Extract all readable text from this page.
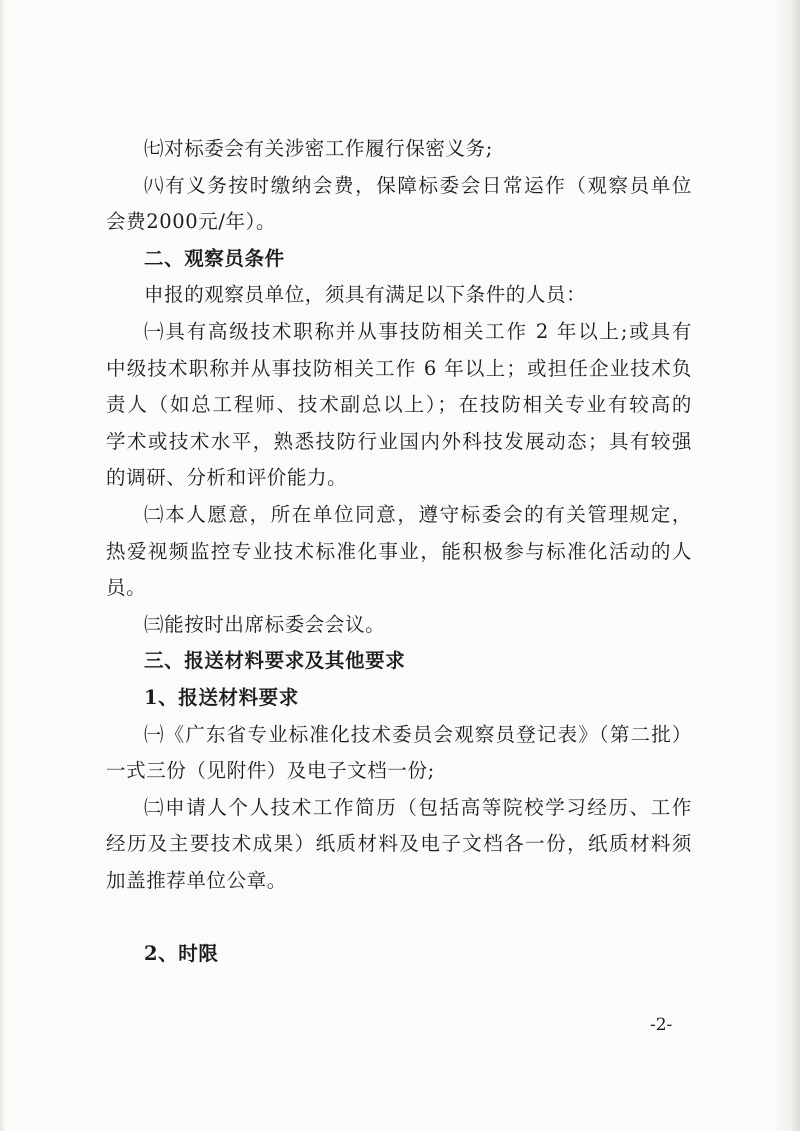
㈦对标委会有关涉密工作履行保密义务;
㈧有义务按时缴纳会费，保障标委会日常运作（观察员单位
会费2000元/年）。
二、观察员条件
申报的观察员单位，须具有满足以下条件的人员：
㈠具有高级技术职称并从事技防相关工作 2 年以上;或具有
中级技术职称并从事技防相关工作 6 年以上；或担任企业技术负
责人（如总工程师、技术副总以上）；在技防相关专业有较高的
学术或技术水平，熟悉技防行业国内外科技发展动态；具有较强
的调研、分析和评价能力。
㈡本人愿意，所在单位同意，遵守标委会的有关管理规定，
热爱视频监控专业技术标准化事业，能积极参与标准化活动的人
员。
㈢能按时出席标委会会议。
三、报送材料要求及其他要求
1、报送材料要求
㈠《广东省专业标准化技术委员会观察员登记表》（第二批）
一式三份（见附件）及电子文档一份;
㈡申请人个人技术工作简历（包括高等院校学习经历、工作
经历及主要技术成果）纸质材料及电子文档各一份，纸质材料须
加盖推荐单位公章。
2、时限
-2-
